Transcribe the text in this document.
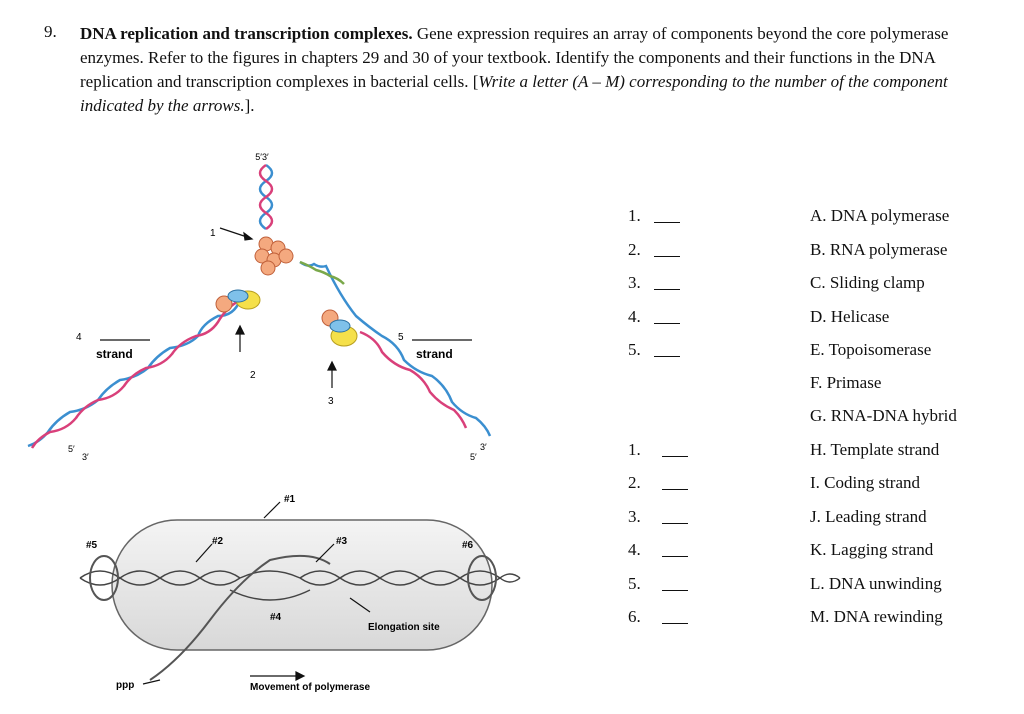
9. DNA replication and transcription complexes. Gene expression requires an array of components beyond the core polymerase enzymes. Refer to the figures in chapters 29 and 30 of your textbook. Identify the components and their functions in the DNA replication and transcription complexes in bacterial cells. [Write a letter (A – M) corresponding to the number of the component indicated by the arrows.].
5′3′
5′
3′
3′
5′
1
2
3
4	5
strand	strand
#1
#2	#3
#4
#5	#6
Elongation site
ppp	Movement of polymerase
1.
2.
3.
4.
5.
1.
2.
3.
4.
5.
6.
A. DNA polymerase
B. RNA polymerase
C. Sliding clamp
D. Helicase
E. Topoisomerase
F. Primase
G. RNA-DNA hybrid
H. Template strand
I. Coding strand
J. Leading strand
K. Lagging strand
L. DNA unwinding
M. DNA rewinding
